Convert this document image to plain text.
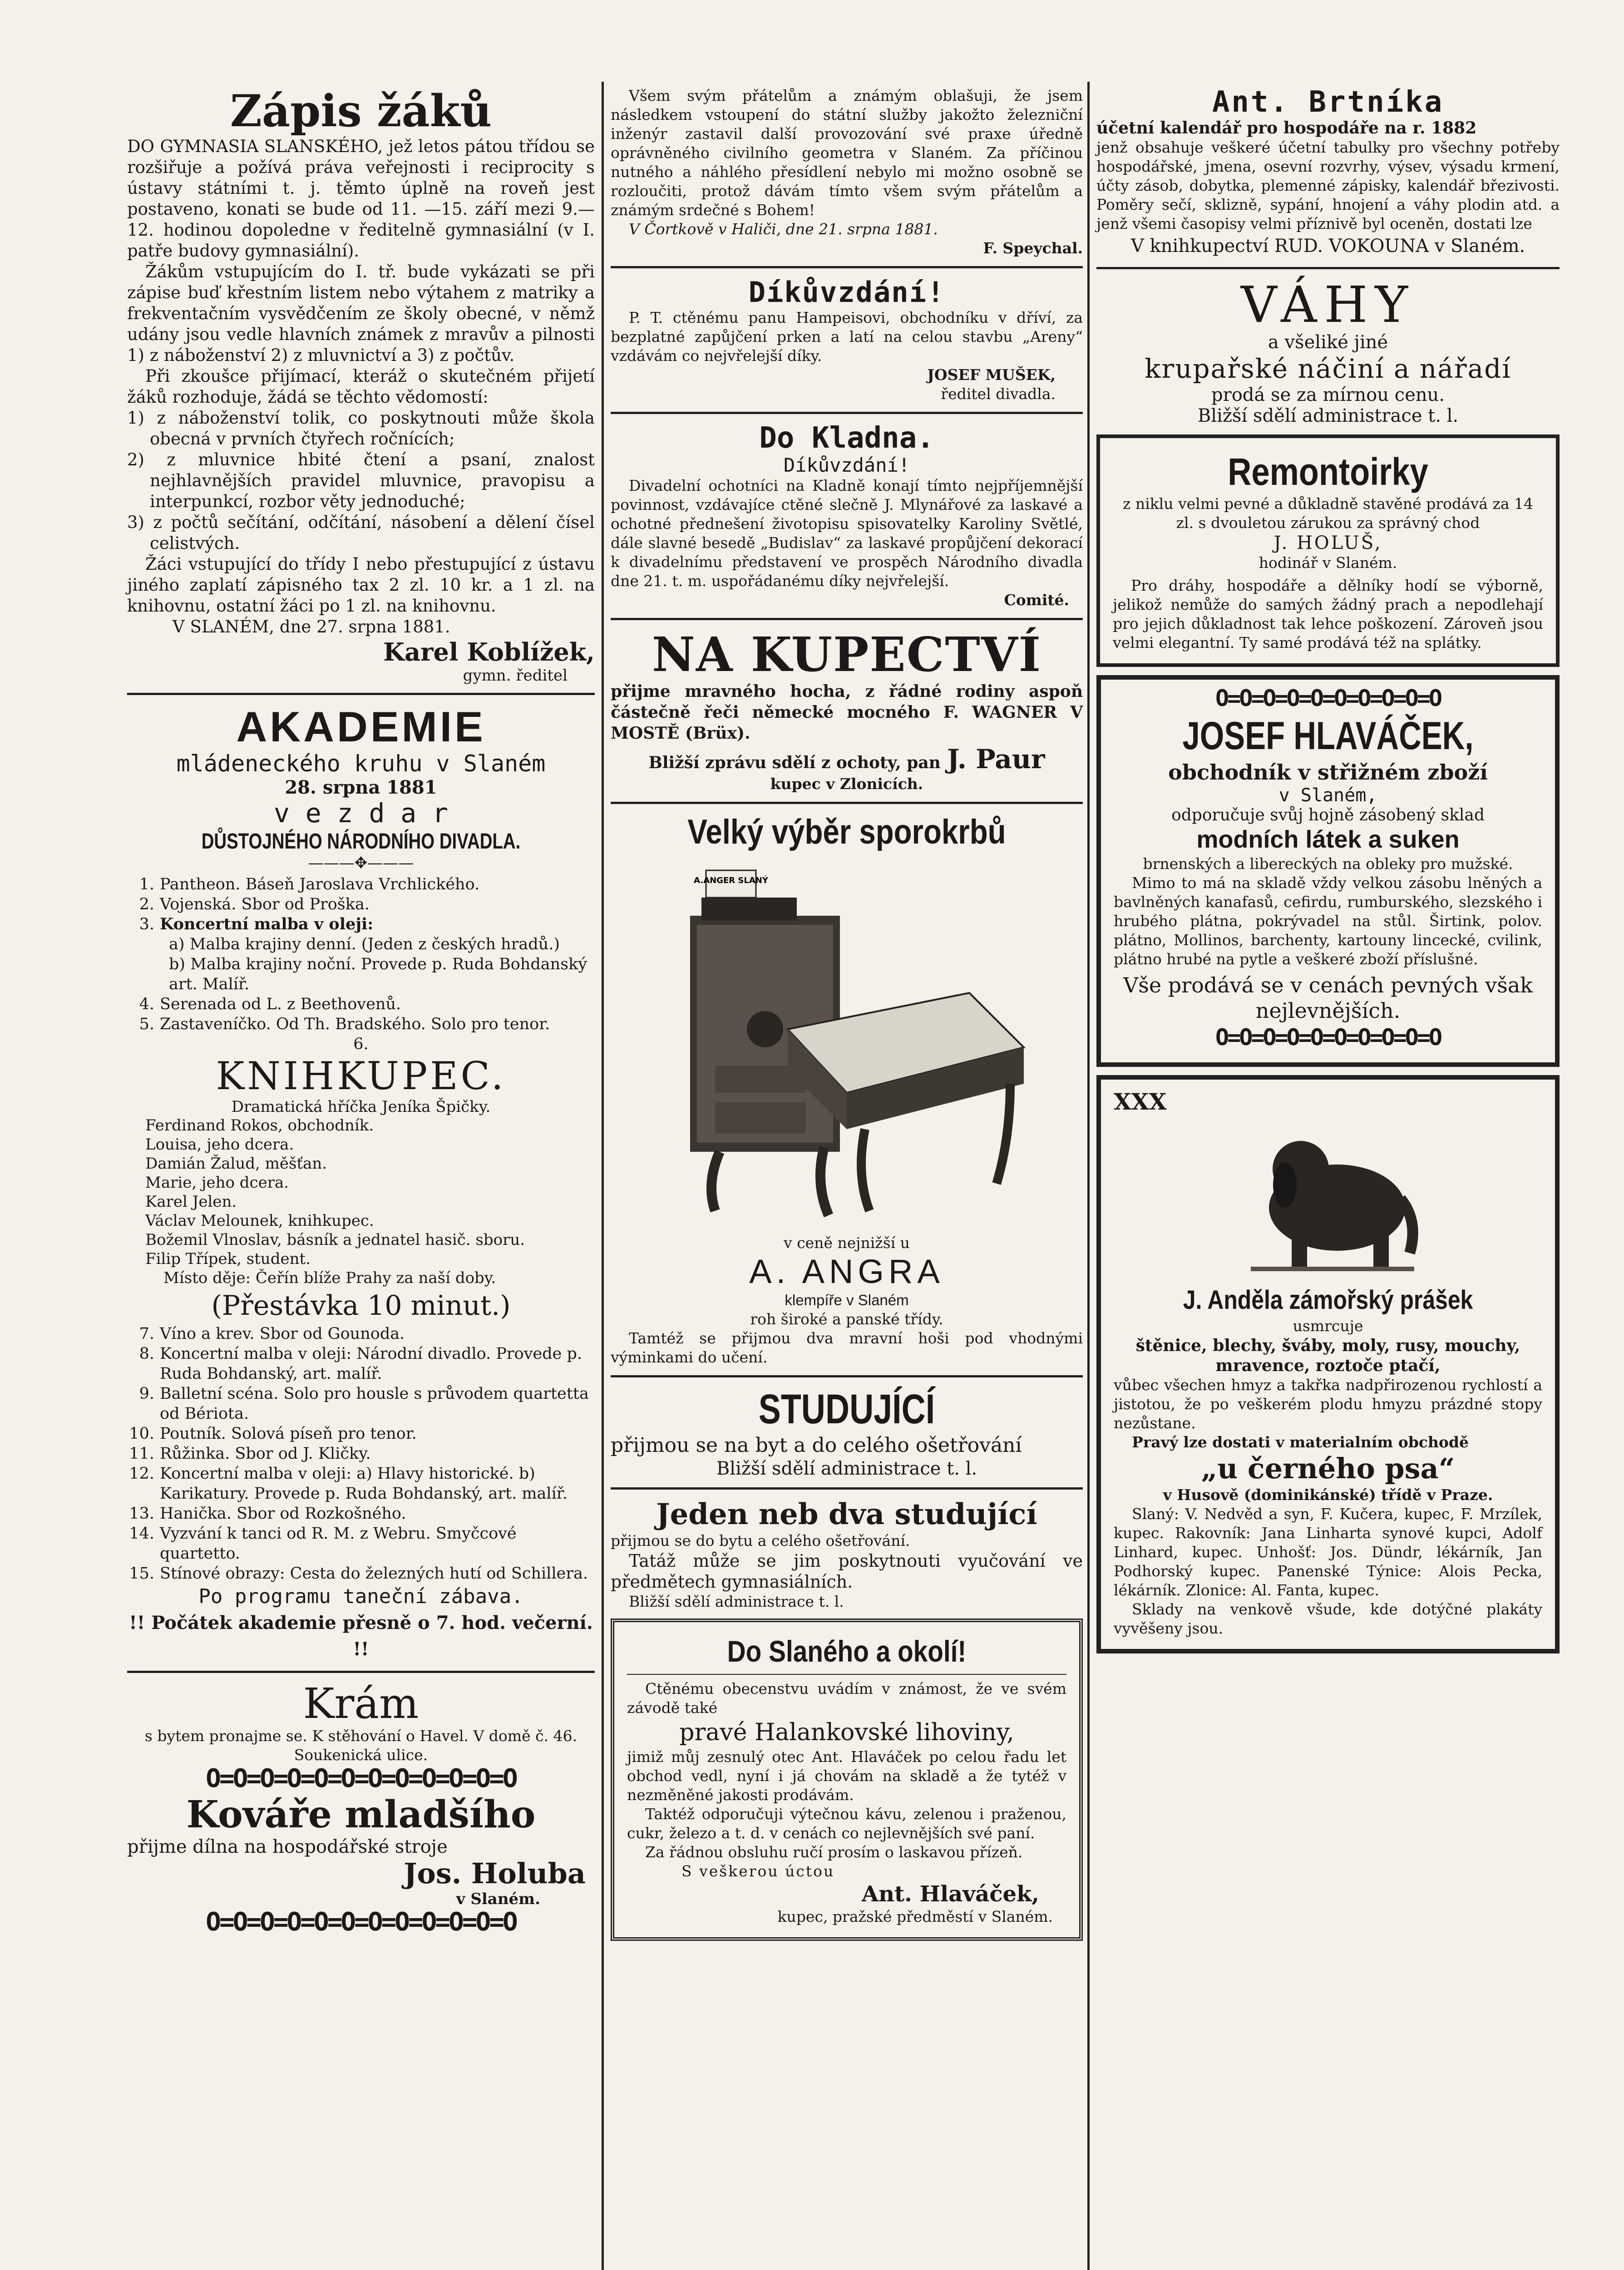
Zápis žáků

DO GYMNASIA SLANSKÉHO, jež letos pátou třídou se rozšiřuje a požívá práva veřejnosti i reciprocity s ústavy státními t. j. těmto úplně na roveň jest postaveno, konati se bude od 11. —15. září mezi 9.—12. hodinou dopoledne v ředitelně gymnasiální (v I. patře budovy gymnasiální).

Žákům vstupujícím do I. tř. bude vykázati se při zápise buď křestním listem nebo výtahem z matriky a frekventačním vysvědčením ze školy obecné, v němž udány jsou vedle hlavních známek z mravův a pilnosti 1) z náboženství 2) z mluvnictví a 3) z počtův.

Při zkoušce přijímací, kteráž o skutečném přijetí žáků rozhoduje, žádá se těchto vědomostí:

1) z náboženství tolik, co poskytnouti může škola obecná v prvních čtyřech ročnících;

2) z mluvnice hbité čtení a psaní, znalost nejhlavnějších pravidel mluvnice, pravopisu a interpunkcí, rozbor věty jednoduché;

3) z počtů sečítání, odčítání, násobení a dělení čísel celistvých.

Žáci vstupující do třídy I nebo přestupující z ústavu jiného zaplatí zápisného tax 2 zl. 10 kr. a 1 zl. na knihovnu, ostatní žáci po 1 zl. na knihovnu.

V SLANÉM, dne 27. srpna 1881.

Karel Koblížek,
gymn. ředitel
AKADEMIE
mládeneckého kruhu v Slaném
28. srpna 1881
v e z d a r
DŮSTOJNÉHO NÁRODNÍHO DIVADLA.
———✥———
1. Pantheon. Báseň Jaroslava Vrchlického.
2. Vojenská. Sbor od Proška.
3. Koncertní malba v oleji:
a) Malba krajiny denní. (Jeden z českých hradů.)
b) Malba krajiny noční. Provede p. Ruda Bohdanský art. Malíř.
4. Serenada od L. z Beethovenů.
5. Zastaveníčko. Od Th. Bradského. Solo pro tenor.
6.
KNIHKUPEC.
Dramatická hříčka Jeníka Špičky.
Ferdinand Rokos, obchodník.
Louisa, jeho dcera.
Damián Žalud, měšťan.
Marie, jeho dcera.
Karel Jelen.
Václav Melounek, knihkupec.
Božemil Vlnoslav, básník a jednatel hasič. sboru.
Filip Třípek, student.
Místo děje: Čeřín blíže Prahy za naší doby.
(Přestávka 10 minut.)
7. Víno a krev. Sbor od Gounoda.
8. Koncertní malba v oleji: Národní divadlo. Provede p. Ruda Bohdanský, art. malíř.
9. Balletní scéna. Solo pro housle s průvodem quartetta od Bériota.
10. Poutník. Solová píseň pro tenor.
11. Růžinka. Sbor od J. Kličky.
12. Koncertní malba v oleji: a) Hlavy historické. b) Karikatury. Provede p. Ruda Bohdanský, art. malíř.
13. Hanička. Sbor od Rozkošného.
14. Vyzvání k tanci od R. M. z Webru. Smyčcové quartetto.
15. Stínové obrazy: Cesta do železných hutí od Schillera.
Po programu taneční zábava.
!! Počátek akademie přesně o 7. hod. večerní. !!
Krám

s bytem pronajme se. K stěhování o Havel. V domě č. 46. Soukenická ulice.

O=O=O=O=O=O=O=O=O=O=O=O
Kováře mladšího

přijme dílna na hospodářské stroje

Jos. Holuba
v Slaném.
O=O=O=O=O=O=O=O=O=O=O=O

Všem svým přátelům a známým oblašuji, že jsem následkem vstoupení do státní služby jakožto železniční inženýr zastavil další provozování své praxe úředně oprávněného civilního geometra v Slaném. Za příčinou nutného a náhlého přesídlení nebylo mi možno osobně se rozloučiti, protož dávám tímto všem svým přátelům a známým srdečné s Bohem!

V Čortkově v Haliči, dne 21. srpna 1881.

F. Speychal.
Díkůvzdání!

P. T. ctěnému panu Hampeisovi, obchodníku v dříví, za bezplatné zapůjčení prken a latí na celou stavbu „Areny“ vzdávám co nejvřelejší díky.

JOSEF MUŠEK,
ředitel divadla.
Do Kladna.
Díkůvzdání!

Divadelní ochotníci na Kladně konají tímto nejpříjemnější povinnost, vzdávajíce ctěné slečně J. Mlynářové za laskavé a ochotné přednešení životopisu spisovatelky Karoliny Světlé, dále slavné besedě „Budislav“ za laskavé propůjčení dekorací k divadelnímu představení ve prospěch Národního divadla dne 21. t. m. uspořádanému díky nejvřelejší.

Comité.
NA KUPECTVÍ

přijme mravného hocha, z řádné rodiny aspoň částečně řeči německé mocného F. WAGNER V MOSTĚ (Brüx).

Bližší zprávu sdělí z ochoty, pan J. Paur
kupec v Zlonicích.
Velký výběr sporokrbů
A.ANGER SLANÝ
v ceně nejnižší u
A. ANGRA
klempíře v Slaném
roh široké a panské třídy.

Tamtéž se přijmou dva mravní hoši pod vhodnými výminkami do učení.

STUDUJÍCÍ

přijmou se na byt a do celého ošetřování

Bližší sdělí administrace t. l.
Jeden neb dva studující

přijmou se do bytu a celého ošetřování.

Tatáž může se jim poskytnouti vyučování ve předmětech gymnasiálních.

Bližší sdělí administrace t. l.

Do Slaného a okolí!

Ctěnému obecenstvu uvádím v známost, že ve svém závodě také

pravé Halankovské lihoviny,

jimiž můj zesnulý otec Ant. Hlaváček po celou řadu let obchod vedl, nyní i já chovám na skladě a že tytéž v nezměněné jakosti prodávám.

Taktéž odporučuji výtečnou kávu, zelenou i praženou, cukr, železo a t. d. v cenách co nejlevnějších své paní.

Za řádnou obsluhu ručí prosím o laskavou přízeň.

S veškerou úctou
Ant. Hlaváček,
kupec, pražské předměstí v Slaném.
Ant. Brtníka
účetní kalendář pro hospodáře na r. 1882

jenž obsahuje veškeré účetní tabulky pro všechny potřeby hospodářské, jmena, osevní rozvrhy, výsev, výsadu krmení, účty zásob, dobytka, plemenné zápisky, kalendář březivosti. Poměry sečí, sklizně, sypání, hnojení a váhy plodin atd. a jenž všemi časopisy velmi příznivě byl oceněn, dostati lze

V knihkupectví RUD. VOKOUNA v Slaném.
VÁHY
a všeliké jiné
krupařské náčiní a nářadí
prodá se za mírnou cenu.
Bližší sdělí administrace t. l.
Remontoirky

z niklu velmi pevné a důkladně stavěné prodává za 14 zl. s dvouletou zárukou za správný chod

J. HOLUŠ,
hodinář v Slaném.

Pro dráhy, hospodáře a dělníky hodí se výborně, jelikož nemůže do samých žádný prach a nepodlehají pro jejich důkladnost tak lehce poškození. Zároveň jsou velmi elegantní. Ty samé prodává též na splátky.

O=O=O=O=O=O=O=O=O=O
JOSEF HLAVÁČEK,
obchodník v střižném zboží
v Slaném,
odporučuje svůj hojně zásobený sklad
modních látek a suken

brnenských a libereckých na obleky pro mužské.

Mimo to má na skladě vždy velkou zásobu lněných a bavlněných kanafasů, cefirdu, rumburského, slezského i hrubého plátna, pokrývadel na stůl. Širtink, polov. plátno, Mollinos, barchenty, kartouny lincecké, cvilink, plátno hrubé na pytle a veškeré zboží příslušné.

Vše prodává se v cenách pevných však nejlevnějších.
O=O=O=O=O=O=O=O=O=O
XXX
J. Anděla zámořský prášek
usmrcuje
štěnice, blechy, šváby, moly, rusy, mouchy, mravence, roztoče ptačí,

vůbec všechen hmyz a takřka nadpřirozenou rychlostí a jistotou, že po veškerém plodu hmyzu prázdné stopy nezůstane.

Pravý lze dostati v materialním obchodě

„u černého psa“
v Husově (dominikánské) třídě v Praze.

Slaný: V. Nedvěd a syn, F. Kučera, kupec, F. Mrzílek, kupec. Rakovník: Jana Linharta synové kupci, Adolf Linhard, kupec. Unhošť: Jos. Dündr, lékárník, Jan Podhorský kupec. Panenské Týnice: Alois Pecka, lékárník. Zlonice: Al. Fanta, kupec.

Sklady na venkově všude, kde dotýčné plakáty vyvěšeny jsou.
